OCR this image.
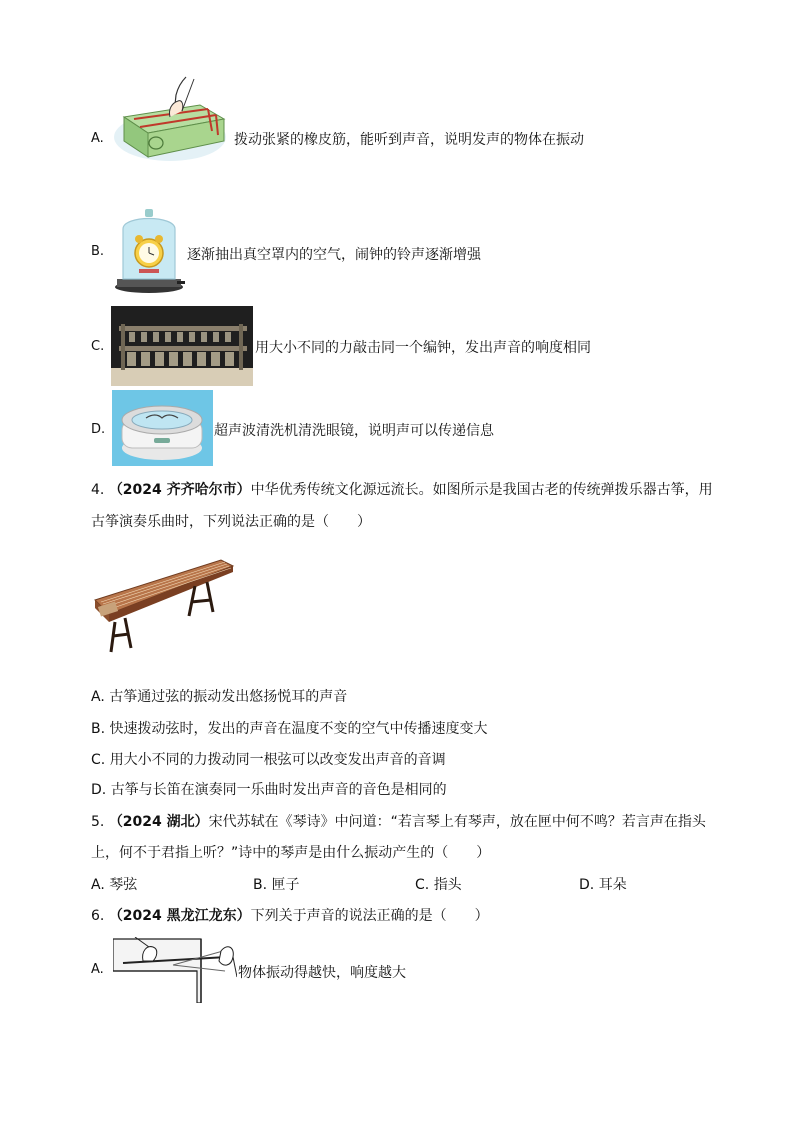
A.	拨动张紧的橡皮筋，能听到声音，说明发声的物体在振动
B.	逐渐抽出真空罩内的空气，闹钟的铃声逐渐增强
C.	用大小不同的力敲击同一个编钟，发出声音的响度相同
D.	超声波清洗机清洗眼镜，说明声可以传递信息
4. （2024 齐齐哈尔市）中华优秀传统文化源远流长。如图所示是我国古老的传统弹拨乐器古筝，用
古筝演奏乐曲时，下列说法正确的是（　　）
A. 古筝通过弦的振动发出悠扬悦耳的声音
B. 快速拨动弦时，发出的声音在温度不变的空气中传播速度变大
C. 用大小不同的力拨动同一根弦可以改变发出声音的音调
D. 古筝与长笛在演奏同一乐曲时发出声音的音色是相同的
5. （2024 湖北）宋代苏轼在《琴诗》中问道：“若言琴上有琴声，放在匣中何不鸣？若言声在指头
上，何不于君指上听？”诗中的琴声是由什么振动产生的（　　）
A. 琴弦	B. 匣子	C. 指头	D. 耳朵
6. （2024 黑龙江龙东）下列关于声音的说法正确的是（　　）
A.	物体振动得越快，响度越大
